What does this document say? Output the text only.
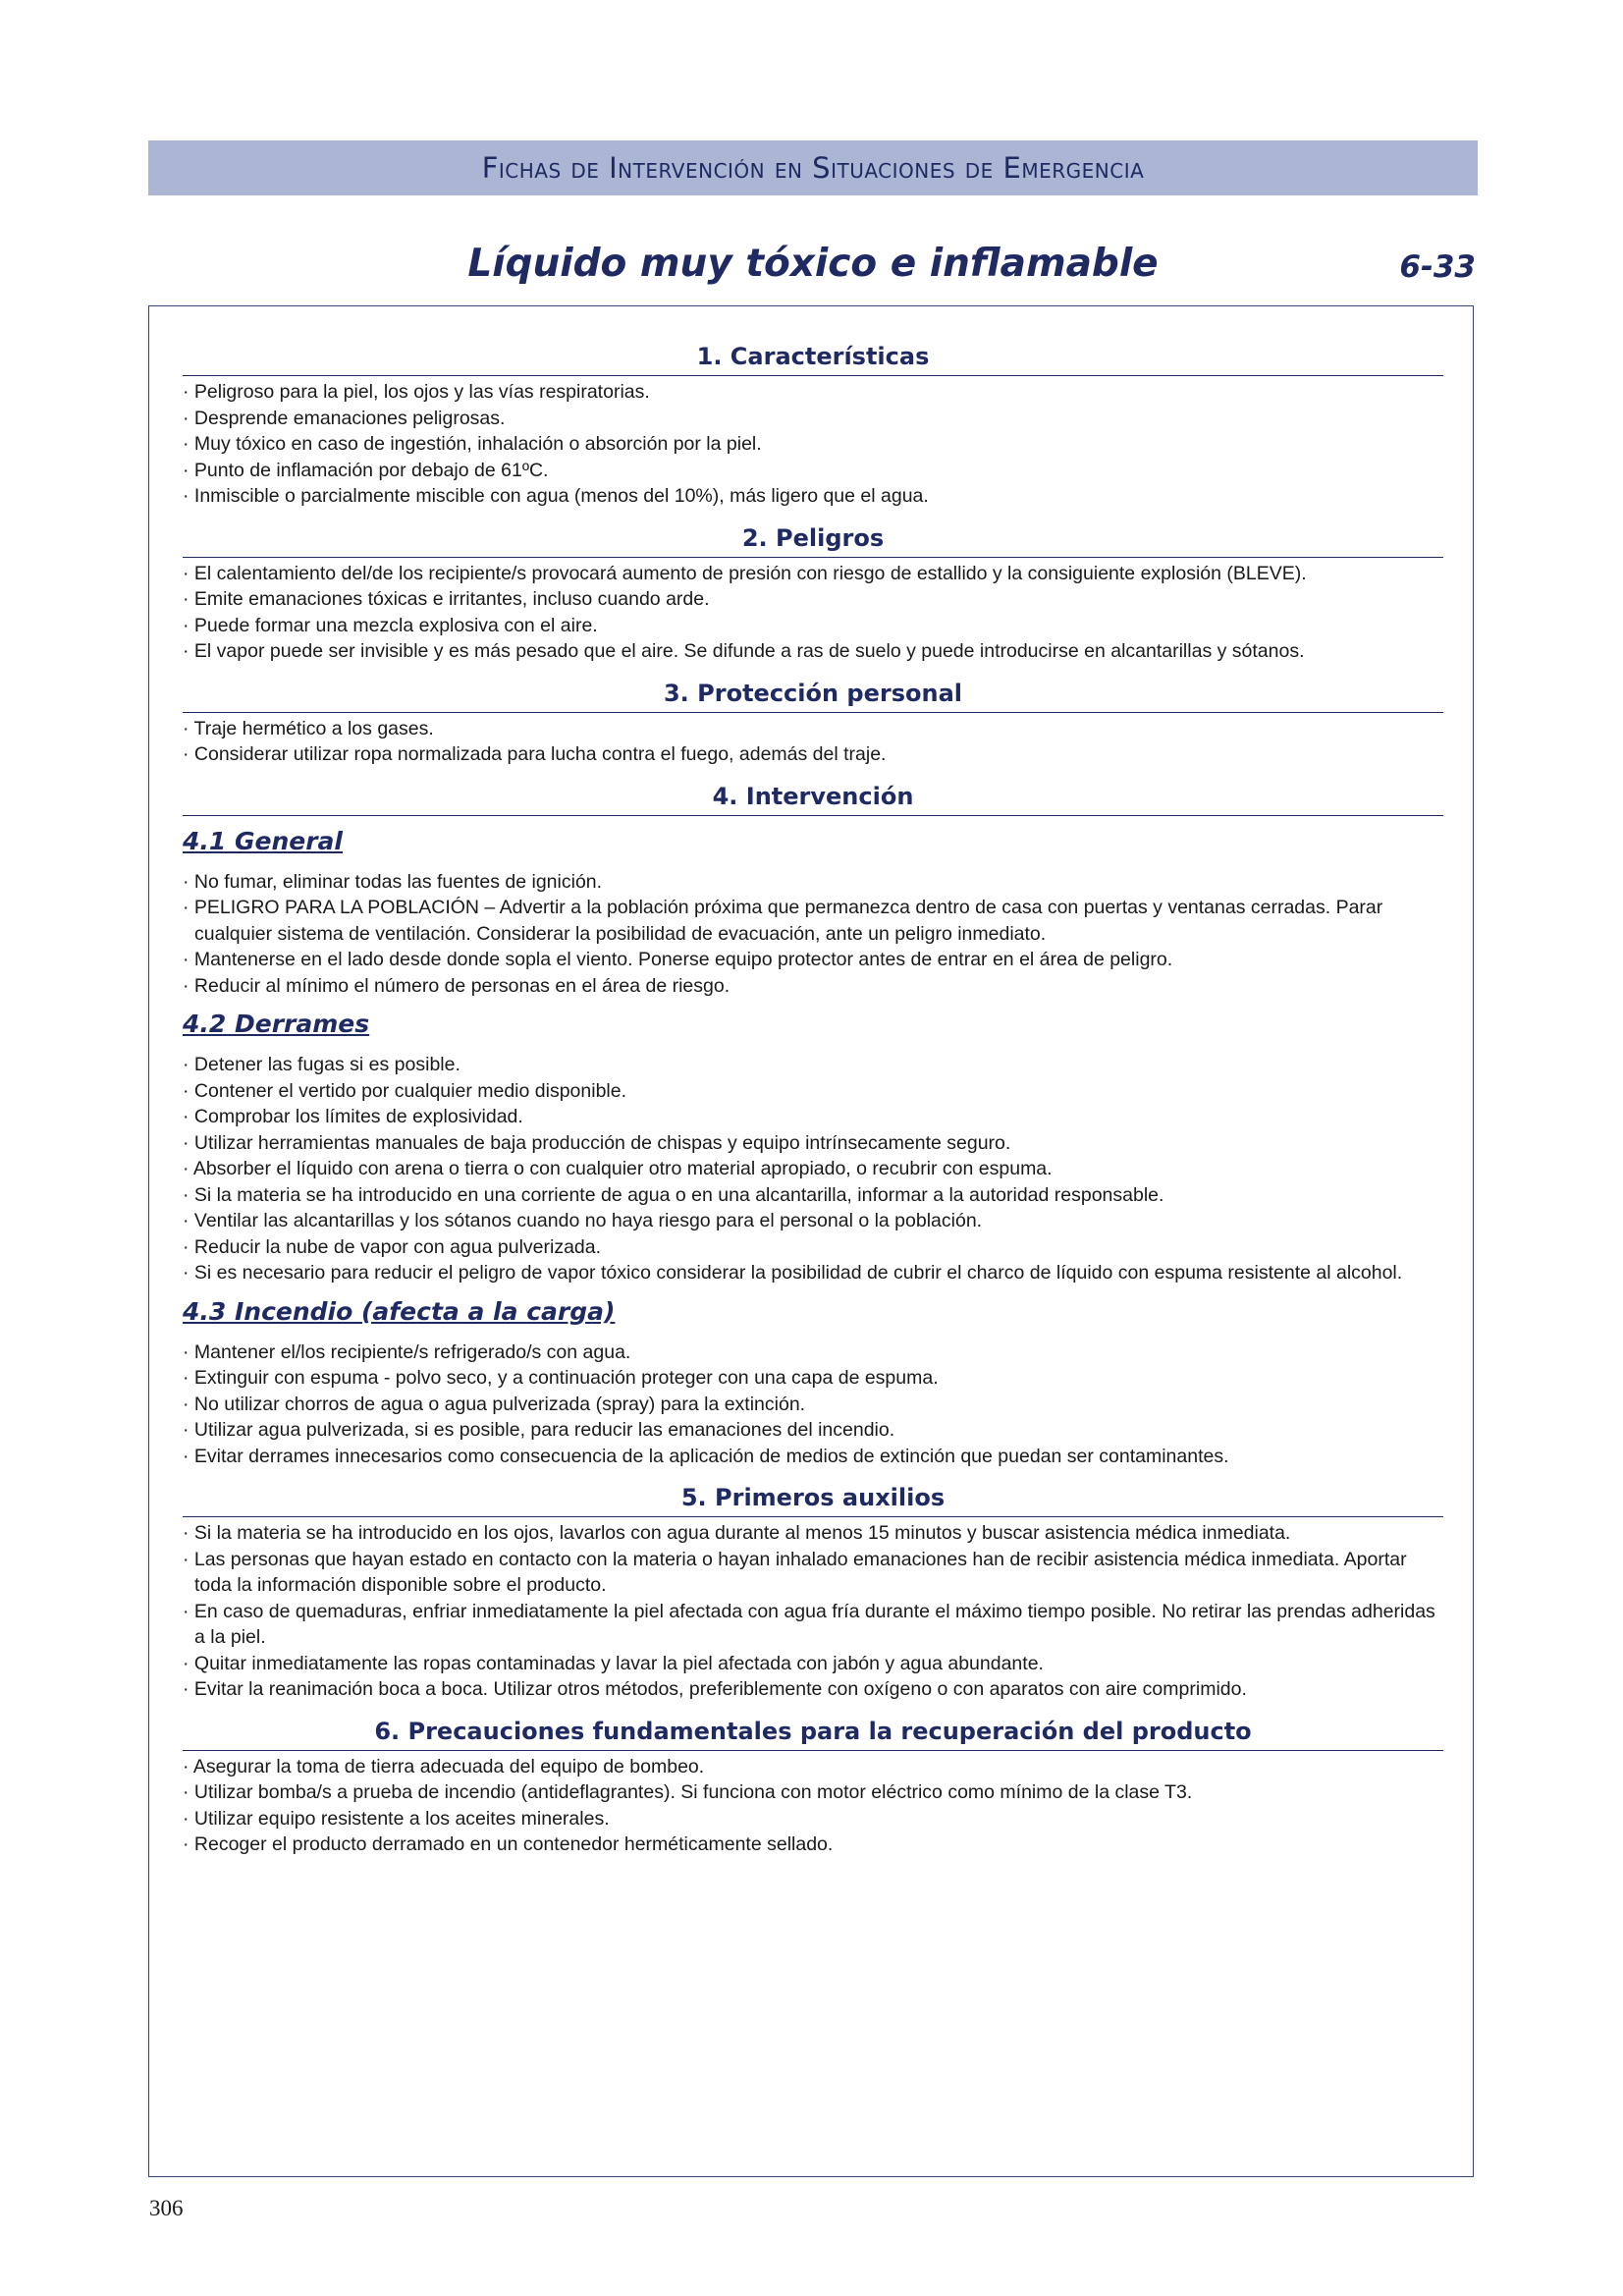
Fichas de Intervención en Situaciones de Emergencia
Líquido muy tóxico e inflamable	6-33
1. Características
· Peligroso para la piel, los ojos y las vías respiratorias.
· Desprende emanaciones peligrosas.
· Muy tóxico en caso de ingestión, inhalación o absorción por la piel.
· Punto de inflamación por debajo de 61ºC.
· Inmiscible o parcialmente miscible con agua (menos del 10%), más ligero que el agua.
2. Peligros
· El calentamiento del/de los recipiente/s provocará aumento de presión con riesgo de estallido y la consiguiente explosión (BLEVE).
· Emite emanaciones tóxicas e irritantes, incluso cuando arde.
· Puede formar una mezcla explosiva con el aire.
· El vapor puede ser invisible y es más pesado que el aire. Se difunde a ras de suelo y puede introducirse en alcantarillas y sótanos.
3. Protección personal
· Traje hermético a los gases.
· Considerar utilizar ropa normalizada para lucha contra el fuego, además del traje.
4. Intervención
4.1 General
· No fumar, eliminar todas las fuentes de ignición.
· PELIGRO PARA LA POBLACIÓN – Advertir a la población próxima que permanezca dentro de casa con puertas y ventanas cerradas. Parar cualquier sistema de ventilación. Considerar la posibilidad de evacuación, ante un peligro inmediato.
· Mantenerse en el lado desde donde sopla el viento. Ponerse equipo protector antes de entrar en el área de peligro.
· Reducir al mínimo el número de personas en el área de riesgo.
4.2 Derrames
· Detener las fugas si es posible.
· Contener el vertido por cualquier medio disponible.
· Comprobar los límites de explosividad.
· Utilizar herramientas manuales de baja producción de chispas y equipo intrínsecamente seguro.
· Absorber el líquido con arena o tierra o con cualquier otro material apropiado, o recubrir con espuma.
· Si la materia se ha introducido en una corriente de agua o en una alcantarilla, informar a la autoridad responsable.
· Ventilar las alcantarillas y los sótanos cuando no haya riesgo para el personal o la población.
· Reducir la nube de vapor con agua pulverizada.
· Si es necesario para reducir el peligro de vapor tóxico considerar la posibilidad de cubrir el charco de líquido con espuma resistente al alcohol.
4.3 Incendio (afecta a la carga)
· Mantener el/los recipiente/s refrigerado/s con agua.
· Extinguir con espuma - polvo seco, y a continuación proteger con una capa de espuma.
· No utilizar chorros de agua o agua pulverizada (spray) para la extinción.
· Utilizar agua pulverizada, si es posible, para reducir las emanaciones del incendio.
· Evitar derrames innecesarios como consecuencia de la aplicación de medios de extinción que puedan ser contaminantes.
5. Primeros auxilios
· Si la materia se ha introducido en los ojos, lavarlos con agua durante al menos 15 minutos y buscar asistencia médica inmediata.
· Las personas que hayan estado en contacto con la materia o hayan inhalado emanaciones han de recibir asistencia médica inmediata. Aportar toda la información disponible sobre el producto.
· En caso de quemaduras, enfriar inmediatamente la piel afectada con agua fría durante el máximo tiempo posible. No retirar las prendas adheridas a la piel.
· Quitar inmediatamente las ropas contaminadas y lavar la piel afectada con jabón y agua abundante.
· Evitar la reanimación boca a boca. Utilizar otros métodos, preferiblemente con oxígeno o con aparatos con aire comprimido.
6. Precauciones fundamentales para la recuperación del producto
· Asegurar la toma de tierra adecuada del equipo de bombeo.
· Utilizar bomba/s a prueba de incendio (antideflagrantes). Si funciona con motor eléctrico como mínimo de la clase T3.
· Utilizar equipo resistente a los aceites minerales.
· Recoger el producto derramado en un contenedor herméticamente sellado.
306
